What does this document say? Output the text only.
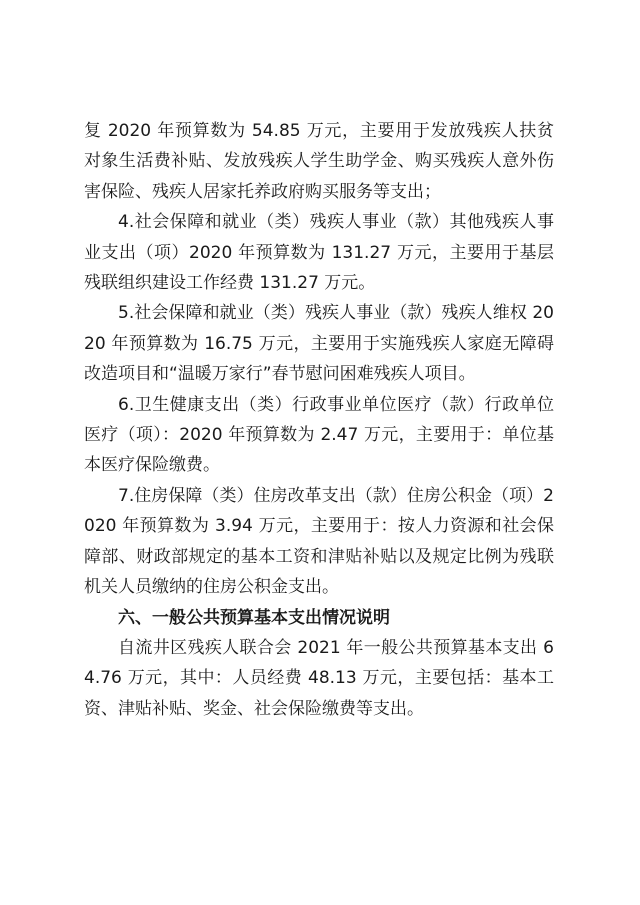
复 2020 年预算数为 54.85 万元，主要用于发放残疾人扶贫对象生活费补贴、发放残疾人学生助学金、购买残疾人意外伤害保险、残疾人居家托养政府购买服务等支出；

4.社会保障和就业（类）残疾人事业（款）其他残疾人事业支出（项）2020 年预算数为 131.27 万元，主要用于基层残联组织建设工作经费 131.27 万元。

5.社会保障和就业（类）残疾人事业（款）残疾人维权 2020 年预算数为 16.75 万元，主要用于实施残疾人家庭无障碍改造项目和“温暖万家行”春节慰问困难残疾人项目。

6.卫生健康支出（类）行政事业单位医疗（款）行政单位医疗（项）：2020 年预算数为 2.47 万元，主要用于：单位基本医疗保险缴费。

7.住房保障（类）住房改革支出（款）住房公积金（项）2020 年预算数为 3.94 万元，主要用于：按人力资源和社会保障部、财政部规定的基本工资和津贴补贴以及规定比例为残联机关人员缴纳的住房公积金支出。

六、一般公共预算基本支出情况说明

自流井区残疾人联合会 2021 年一般公共预算基本支出 64.76 万元，其中：人员经费 48.13 万元，主要包括：基本工资、津贴补贴、奖金、社会保险缴费等支出。
